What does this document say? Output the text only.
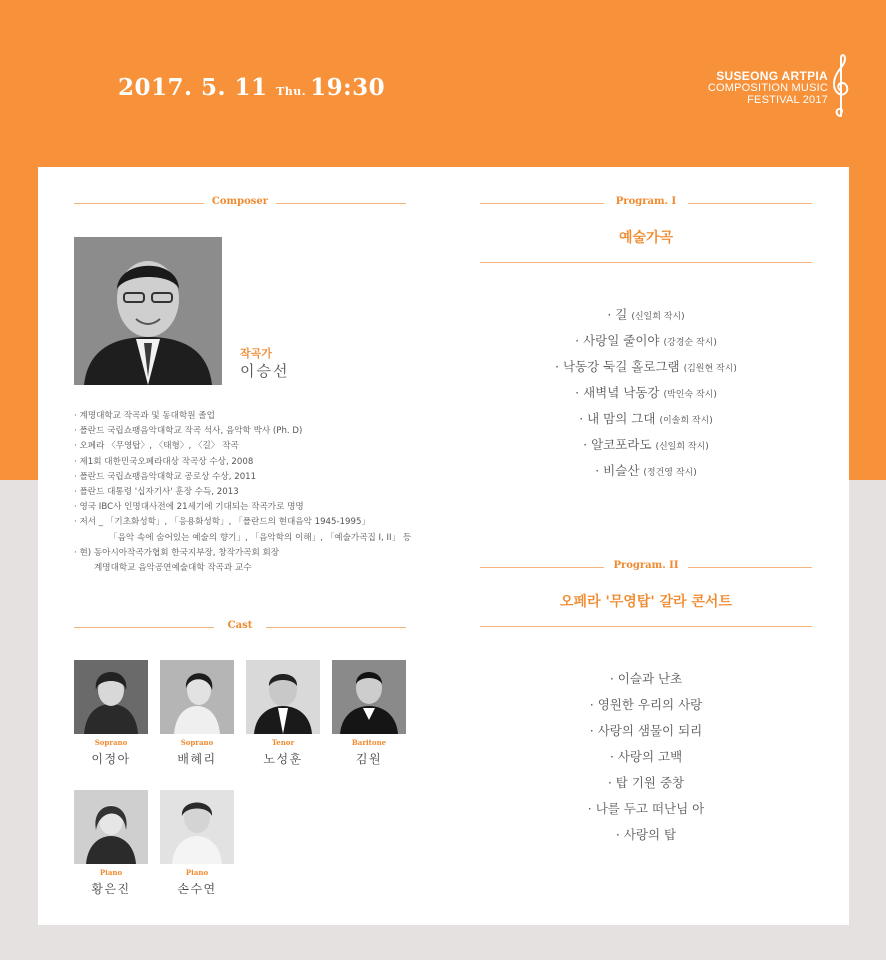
2017. 5. 11 Thu. 19:30	SUSEONG ARTPIA
COMPOSITION MUSIC
FESTIVAL 2017
Composer
작곡가
이승선
· 계명대학교 작곡과 및 동대학원 졸업
· 폴란드 국립쇼팽음악대학교 작곡 석사, 음악학 박사 (Ph. D)
· 오페라 〈무영탑〉, 〈태형〉, 〈길〉 작곡
· 제1회 대한민국오페라대상 작곡상 수상, 2008
· 폴란드 국립쇼팽음악대학교 공로상 수상, 2011
· 폴란드 대통령 '십자기사' 훈장 수득, 2013
· 영국 IBC사 인명대사전에 21세기에 기대되는 작곡가로 명명
· 저서 _ 「기초화성학」, 「응용화성학」, 「폴란드의 현대음악 1945-1995」
「음악 속에 숨어있는 예술의 향기」, 「음악학의 이해」, 「예술가곡집 I, II」 등
· 현) 동아시아작곡가협회 한국지부장, 창작가곡회 회장
계명대학교 음악공연예술대학 작곡과 교수
Cast
Soprano
이정아
Soprano
배혜리
Tenor
노성훈
Baritone
김원
Piano
황은진
Piano
손수연
Program. I
예술가곡
· 길 (신일희 작시)
· 사랑일 줄이야 (강경순 작시)
· 낙동강 둑길 홀로그램 (김원현 작시)
· 새벽녘 낙동강 (박인숙 작시)
· 내 맘의 그대 (이솔희 작시)
· 알코포라도 (신일희 작시)
· 비슬산 (정건영 작시)
Program. II
오페라 '무영탑' 갈라 콘서트
· 이슬과 난초
· 영원한 우리의 사랑
· 사랑의 샘물이 되리
· 사랑의 고백
· 탑 기원 중창
· 나를 두고 떠난님 아
· 사랑의 탑
